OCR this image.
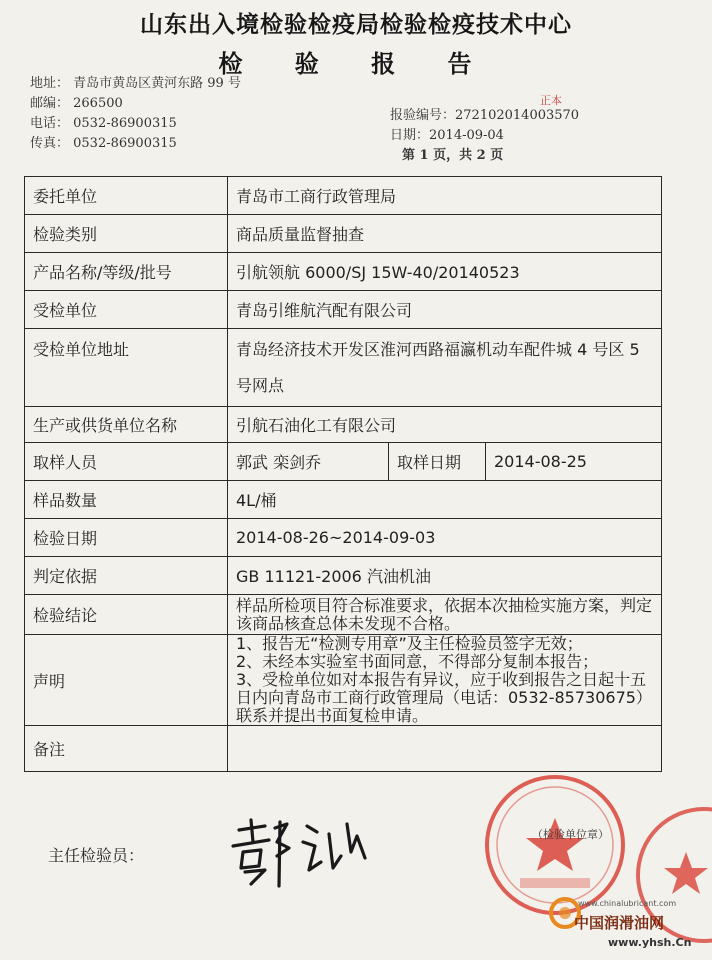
山东出入境检验检疫局检验检疫技术中心
检 验 报 告
地址： 青岛市黄岛区黄河东路 99 号
邮编： 266500
电话： 0532-86900315
传真： 0532-86900315
正本
报验编号：272102014003570
日期：2014-09-04
第 1 页，共 2 页
委托单位	青岛市工商行政管理局		
检验类别	商品质量监督抽查		
产品名称/等级/批号	引航领航 6000/SJ 15W-40/20140523		
受检单位	青岛引维航汽配有限公司		
受检单位地址	青岛经济技术开发区淮河西路福瀛机动车配件城 4 号区 5 号网点		
生产或供货单位名称	引航石油化工有限公司		
取样人员	郭武 栾剑乔	取样日期	2014-08-25
样品数量	4L/桶		
检验日期	2014-08-26~2014-09-03		
判定依据	GB 11121-2006 汽油机油		
检验结论	样品所检项目符合标准要求，依据本次抽检实施方案，判定该商品核查总体未发现不合格。		
声明	1、报告无“检测专用章”及主任检验员签字无效；
2、未经本实验室书面同意，不得部分复制本报告；
3、受检单位如对本报告有异议，应于收到报告之日起十五日内向青岛市工商行政管理局（电话：0532-85730675）联系并提出书面复检申请。		

备注			
主任检验员：
（检验单位章）
www.chinalubricant.com
中国润滑油网
www.yhsh.Cn
